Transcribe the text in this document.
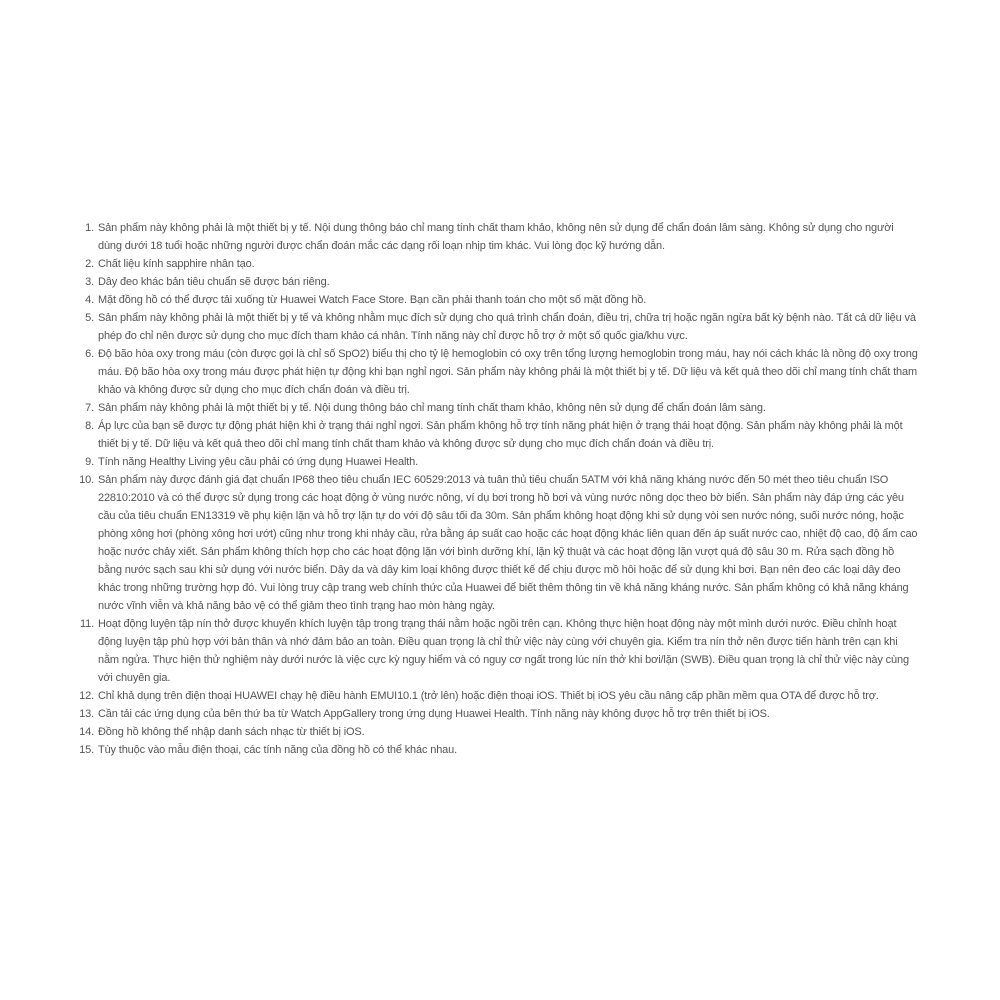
1. Sản phẩm này không phải là một thiết bị y tế. Nội dung thông báo chỉ mang tính chất tham khảo, không nên sử dụng để chẩn đoán lâm sàng. Không sử dụng cho người dùng dưới 18 tuổi hoặc những người được chẩn đoán mắc các dạng rối loạn nhịp tim khác. Vui lòng đọc kỹ hướng dẫn.
2. Chất liệu kính sapphire nhân tạo.
3. Dây đeo khác bản tiêu chuẩn sẽ được bán riêng.
4. Mặt đồng hồ có thể được tải xuống từ Huawei Watch Face Store. Bạn cần phải thanh toán cho một số mặt đồng hồ.
5. Sản phẩm này không phải là một thiết bị y tế và không nhằm mục đích sử dụng cho quá trình chẩn đoán, điều trị, chữa trị hoặc ngăn ngừa bất kỳ bệnh nào. Tất cả dữ liệu và phép đo chỉ nên được sử dụng cho mục đích tham khảo cá nhân. Tính năng này chỉ được hỗ trợ ở một số quốc gia/khu vực.
6. Độ bão hòa oxy trong máu (còn được gọi là chỉ số SpO2) biểu thị cho tỷ lệ hemoglobin có oxy trên tổng lượng hemoglobin trong máu, hay nói cách khác là nồng độ oxy trong máu. Độ bão hòa oxy trong máu được phát hiện tự động khi bạn nghỉ ngơi. Sản phẩm này không phải là một thiết bị y tế. Dữ liệu và kết quả theo dõi chỉ mang tính chất tham khảo và không được sử dụng cho mục đích chẩn đoán và điều trị.
7. Sản phẩm này không phải là một thiết bị y tế. Nội dung thông báo chỉ mang tính chất tham khảo, không nên sử dụng để chẩn đoán lâm sàng.
8. Áp lực của bạn sẽ được tự động phát hiện khi ở trạng thái nghỉ ngơi. Sản phẩm không hỗ trợ tính năng phát hiện ở trạng thái hoạt động. Sản phẩm này không phải là một thiết bị y tế. Dữ liệu và kết quả theo dõi chỉ mang tính chất tham khảo và không được sử dụng cho mục đích chẩn đoán và điều trị.
9. Tính năng Healthy Living yêu cầu phải có ứng dụng Huawei Health.
10. Sản phẩm này được đánh giá đạt chuẩn IP68 theo tiêu chuẩn IEC 60529:2013 và tuân thủ tiêu chuẩn 5ATM với khả năng kháng nước đến 50 mét theo tiêu chuẩn ISO 22810:2010 và có thể được sử dụng trong các hoạt động ở vùng nước nông, ví dụ bơi trong hồ bơi và vùng nước nông dọc theo bờ biển. Sản phẩm này đáp ứng các yêu cầu của tiêu chuẩn EN13319 về phụ kiện lặn và hỗ trợ lặn tự do với độ sâu tối đa 30m. Sản phẩm không hoạt động khi sử dụng vòi sen nước nóng, suối nước nóng, hoặc phòng xông hơi (phòng xông hơi ướt) cũng như trong khi nhảy cầu, rửa bằng áp suất cao hoặc các hoạt động khác liên quan đến áp suất nước cao, nhiệt độ cao, độ ẩm cao hoặc nước chảy xiết. Sản phẩm không thích hợp cho các hoạt động lặn với bình dưỡng khí, lặn kỹ thuật và các hoạt động lặn vượt quá độ sâu 30 m. Rửa sạch đồng hồ bằng nước sạch sau khi sử dụng với nước biển. Dây da và dây kim loại không được thiết kế để chịu được mồ hôi hoặc để sử dụng khi bơi. Bạn nên đeo các loại dây đeo khác trong những trường hợp đó. Vui lòng truy cập trang web chính thức của Huawei để biết thêm thông tin về khả năng kháng nước. Sản phẩm không có khả năng kháng nước vĩnh viễn và khả năng bảo vệ có thể giảm theo tình trạng hao mòn hàng ngày.
11. Hoạt động luyện tập nín thở được khuyến khích luyện tập trong trạng thái nằm hoặc ngồi trên cạn. Không thực hiện hoạt động này một mình dưới nước. Điều chỉnh hoạt động luyện tập phù hợp với bản thân và nhớ đảm bảo an toàn. Điều quan trọng là chỉ thử việc này cùng với chuyên gia. Kiểm tra nín thở nên được tiến hành trên cạn khi nằm ngửa. Thực hiện thử nghiệm này dưới nước là việc cực kỳ nguy hiểm và có nguy cơ ngất trong lúc nín thở khi bơi/lặn (SWB). Điều quan trọng là chỉ thử việc này cùng với chuyên gia.
12. Chỉ khả dụng trên điện thoại HUAWEI chạy hệ điều hành EMUI10.1 (trở lên) hoặc điện thoại iOS. Thiết bị iOS yêu cầu nâng cấp phần mềm qua OTA để được hỗ trợ.
13. Cần tải các ứng dụng của bên thứ ba từ Watch AppGallery trong ứng dụng Huawei Health. Tính năng này không được hỗ trợ trên thiết bị iOS.
14. Đồng hồ không thể nhập danh sách nhạc từ thiết bị iOS.
15. Tùy thuộc vào mẫu điện thoại, các tính năng của đồng hồ có thể khác nhau.
